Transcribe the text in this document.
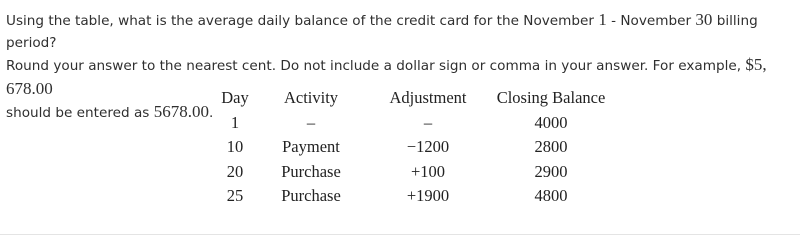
Using the table, what is the average daily balance of the credit card for the November 1 - November 30 billing period?
Round your answer to the nearest cent. Do not include a dollar sign or comma in your answer. For example, $5, 678.00
should be entered as 5678.00.
Day	Activity	Adjustment	Closing Balance
1	–	–	4000
10	Payment	−1200	2800
20	Purchase	+100	2900
25	Purchase	+1900	4800
